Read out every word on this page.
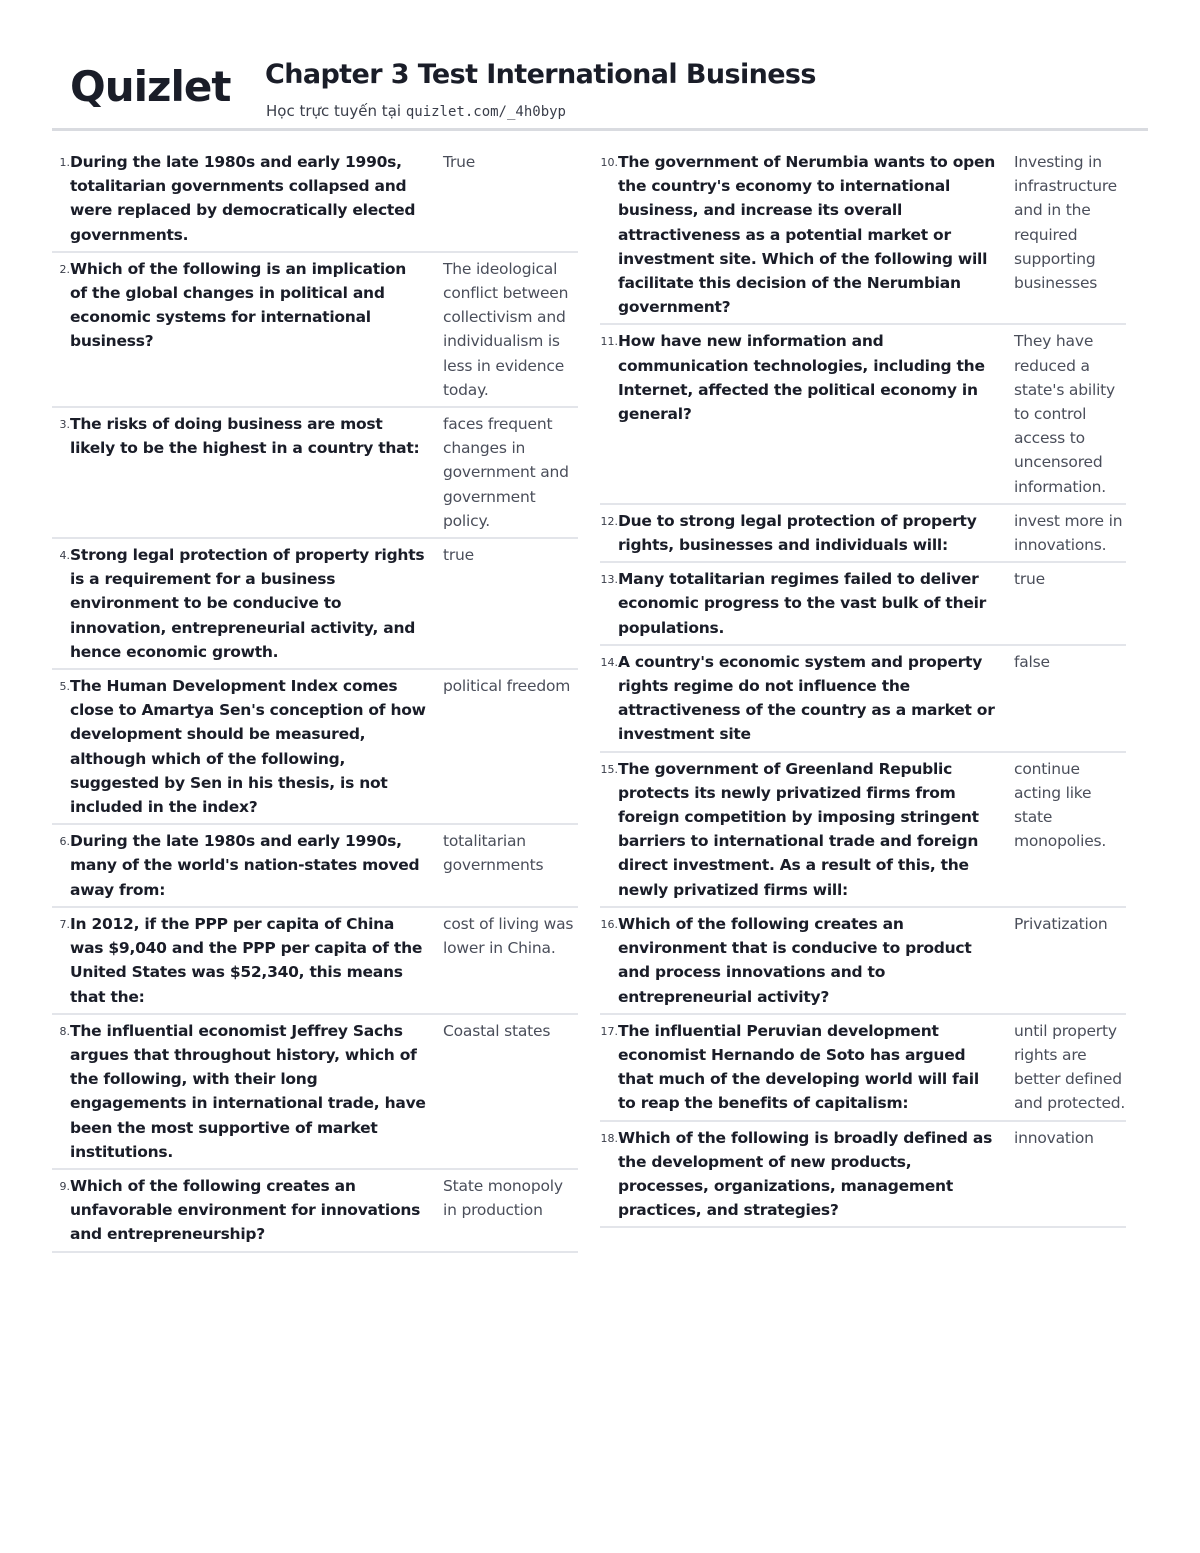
Quizlet Chapter 3 Test International Business
Học trực tuyến tại quizlet.com/_4h0byp
1. During the late 1980s and early 1990s, totalitarian governments collapsed and were replaced by democratically elected governments.
True
2. Which of the following is an implication of the global changes in political and economic systems for international business?
The ideological conflict between collectivism and individualism is less in evidence today.
3. The risks of doing business are most likely to be the highest in a country that:
faces frequent changes in government and government policy.
4. Strong legal protection of property rights is a requirement for a business environment to be conducive to innovation, entrepreneurial activity, and hence economic growth.
true
5. The Human Development Index comes close to Amartya Sen's conception of how development should be measured, although which of the following, suggested by Sen in his thesis, is not included in the index?
political freedom
6. During the late 1980s and early 1990s, many of the world's nation-states moved away from:
totalitarian governments
7. In 2012, if the PPP per capita of China was $9,040 and the PPP per capita of the United States was $52,340, this means that the:
cost of living was lower in China.
8. The influential economist Jeffrey Sachs argues that throughout history, which of the following, with their long engagements in international trade, have been the most supportive of market institutions.
Coastal states
9. Which of the following creates an unfavorable environment for innovations and entrepreneurship?
State monopoly in production
10. The government of Nerumbia wants to open the country's economy to international business, and increase its overall attractiveness as a potential market or investment site. Which of the following will facilitate this decision of the Nerumbian government?
Investing in infrastructure and in the required supporting businesses
11. How have new information and communication technologies, including the Internet, affected the political economy in general?
They have reduced a state's ability to control access to uncensored information.
12. Due to strong legal protection of property rights, businesses and individuals will:
invest more in innovations.
13. Many totalitarian regimes failed to deliver economic progress to the vast bulk of their populations.
true
14. A country's economic system and property rights regime do not influence the attractiveness of the country as a market or investment site
false
15. The government of Greenland Republic protects its newly privatized firms from foreign competition by imposing stringent barriers to international trade and foreign direct investment. As a result of this, the newly privatized firms will:
continue acting like state monopolies.
16. Which of the following creates an environment that is conducive to product and process innovations and to entrepreneurial activity?
Privatization
17. The influential Peruvian development economist Hernando de Soto has argued that much of the developing world will fail to reap the benefits of capitalism:
until property rights are better defined and protected.
18. Which of the following is broadly defined as the development of new products, processes, organizations, management practices, and strategies?
innovation
